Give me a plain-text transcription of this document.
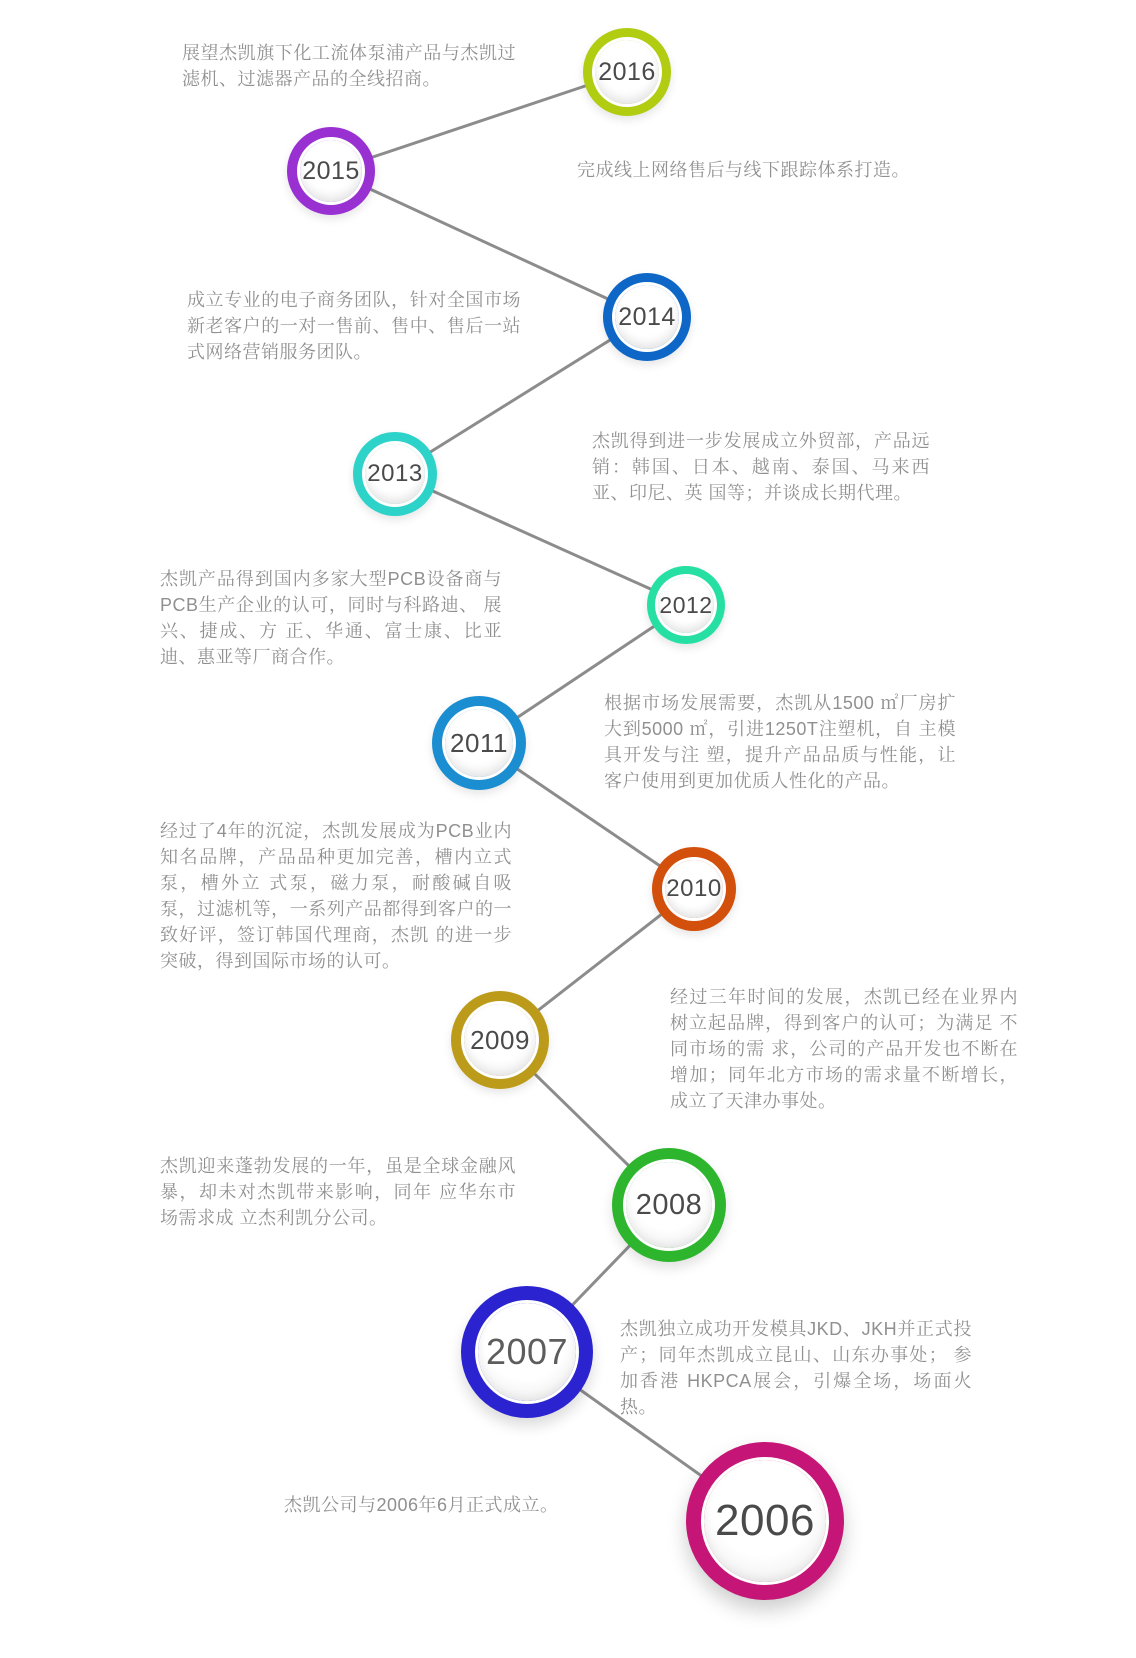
2016
展望杰凯旗下化工流体泵浦产品与杰凯过滤机、过滤器产品的全线招商。
2015	完成线上网络售后与线下跟踪体系打造。
2014
成立专业的电子商务团队，针对全国市场新老客户的一对一售前、售中、售后一站式网络营销服务团队。
2013
杰凯得到进一步发展成立外贸部，产品远销：韩国、日本、越南、泰国、马来西 亚、印尼、英 国等；并谈成长期代理。
2012
杰凯产品得到国内多家大型PCB设备商与PCB生产企业的认可，同时与科路迪、 展兴、捷成、方 正、华通、富士康、比亚迪、惠亚等厂商合作。
2011
根据市场发展需要，杰凯从1500 ㎡厂房扩大到5000 ㎡，引进1250T注塑机，自 主模具开发与注 塑，提升产品品质与性能，让客户使用到更加优质人性化的产品。
2010
经过了4年的沉淀，杰凯发展成为PCB业内知名品牌，产品品种更加完善，槽内立式泵，槽外立 式泵，磁力泵，耐酸碱自吸泵，过滤机等，一系列产品都得到客户的一致好评，签订韩国代理商，杰凯 的进一步突破，得到国际市场的认可。
2009
经过三年时间的发展，杰凯已经在业界内树立起品牌，得到客户的认可；为满足 不同市场的需 求，公司的产品开发也不断在增加；同年北方市场的需求量不断增长， 成立了天津办事处。
2008
杰凯迎来蓬勃发展的一年，虽是全球金融风暴，却未对杰凯带来影响，同年 应华东市场需求成 立杰利凯分公司。
2007
杰凯独立成功开发模具JKD、JKH并正式投产；同年杰凯成立昆山、山东办事处； 参加香港 HKPCA展会，引爆全场，场面火热。
2006
杰凯公司与2006年6月正式成立。
